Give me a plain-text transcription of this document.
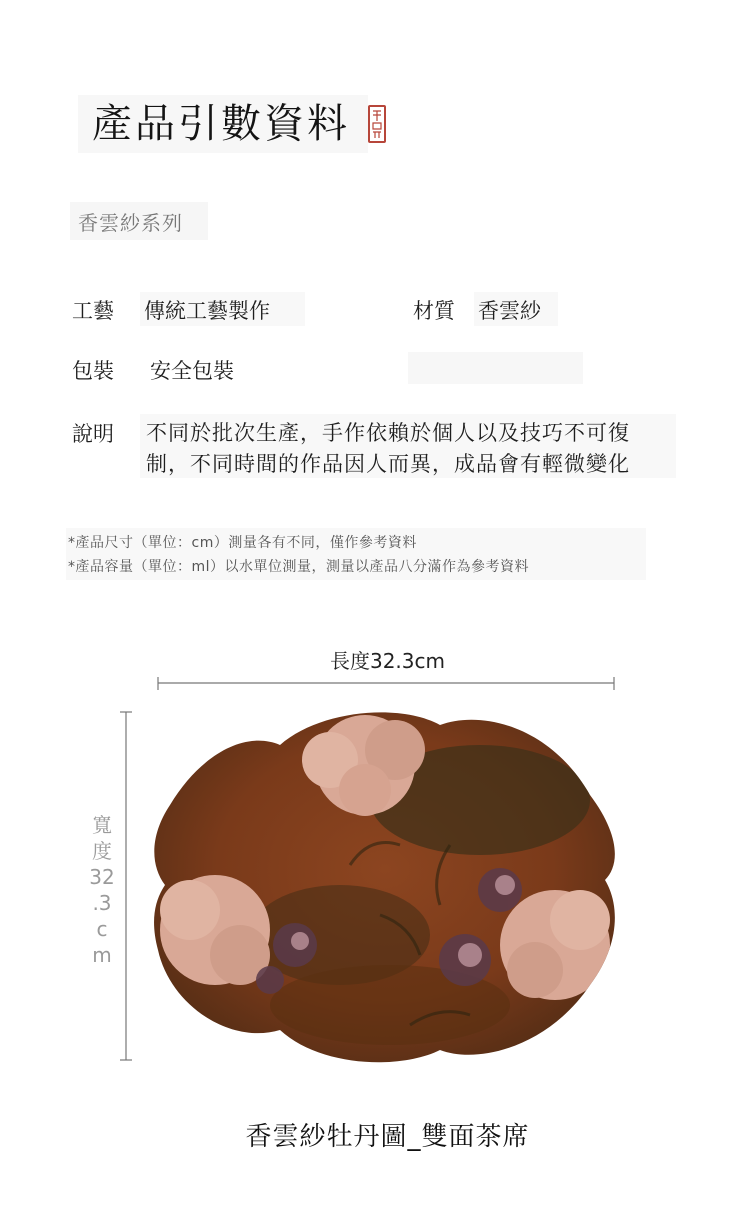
產品引數資料
香雲紗系列
工藝 傳統工藝製作	材質 香雲紗
包裝 安全包裝
說明 不同於批次生產，手作依賴於個人以及技巧不可復
制，不同時間的作品因人而異，成品會有輕微變化
*產品尺寸（單位：cm）測量各有不同，僅作參考資料
*產品容量（單位：ml）以水單位測量，測量以產品八分滿作為參考資料
長度32.3cm
寬
度
32
.3
c
m
香雲紗牡丹圖_雙面茶席
